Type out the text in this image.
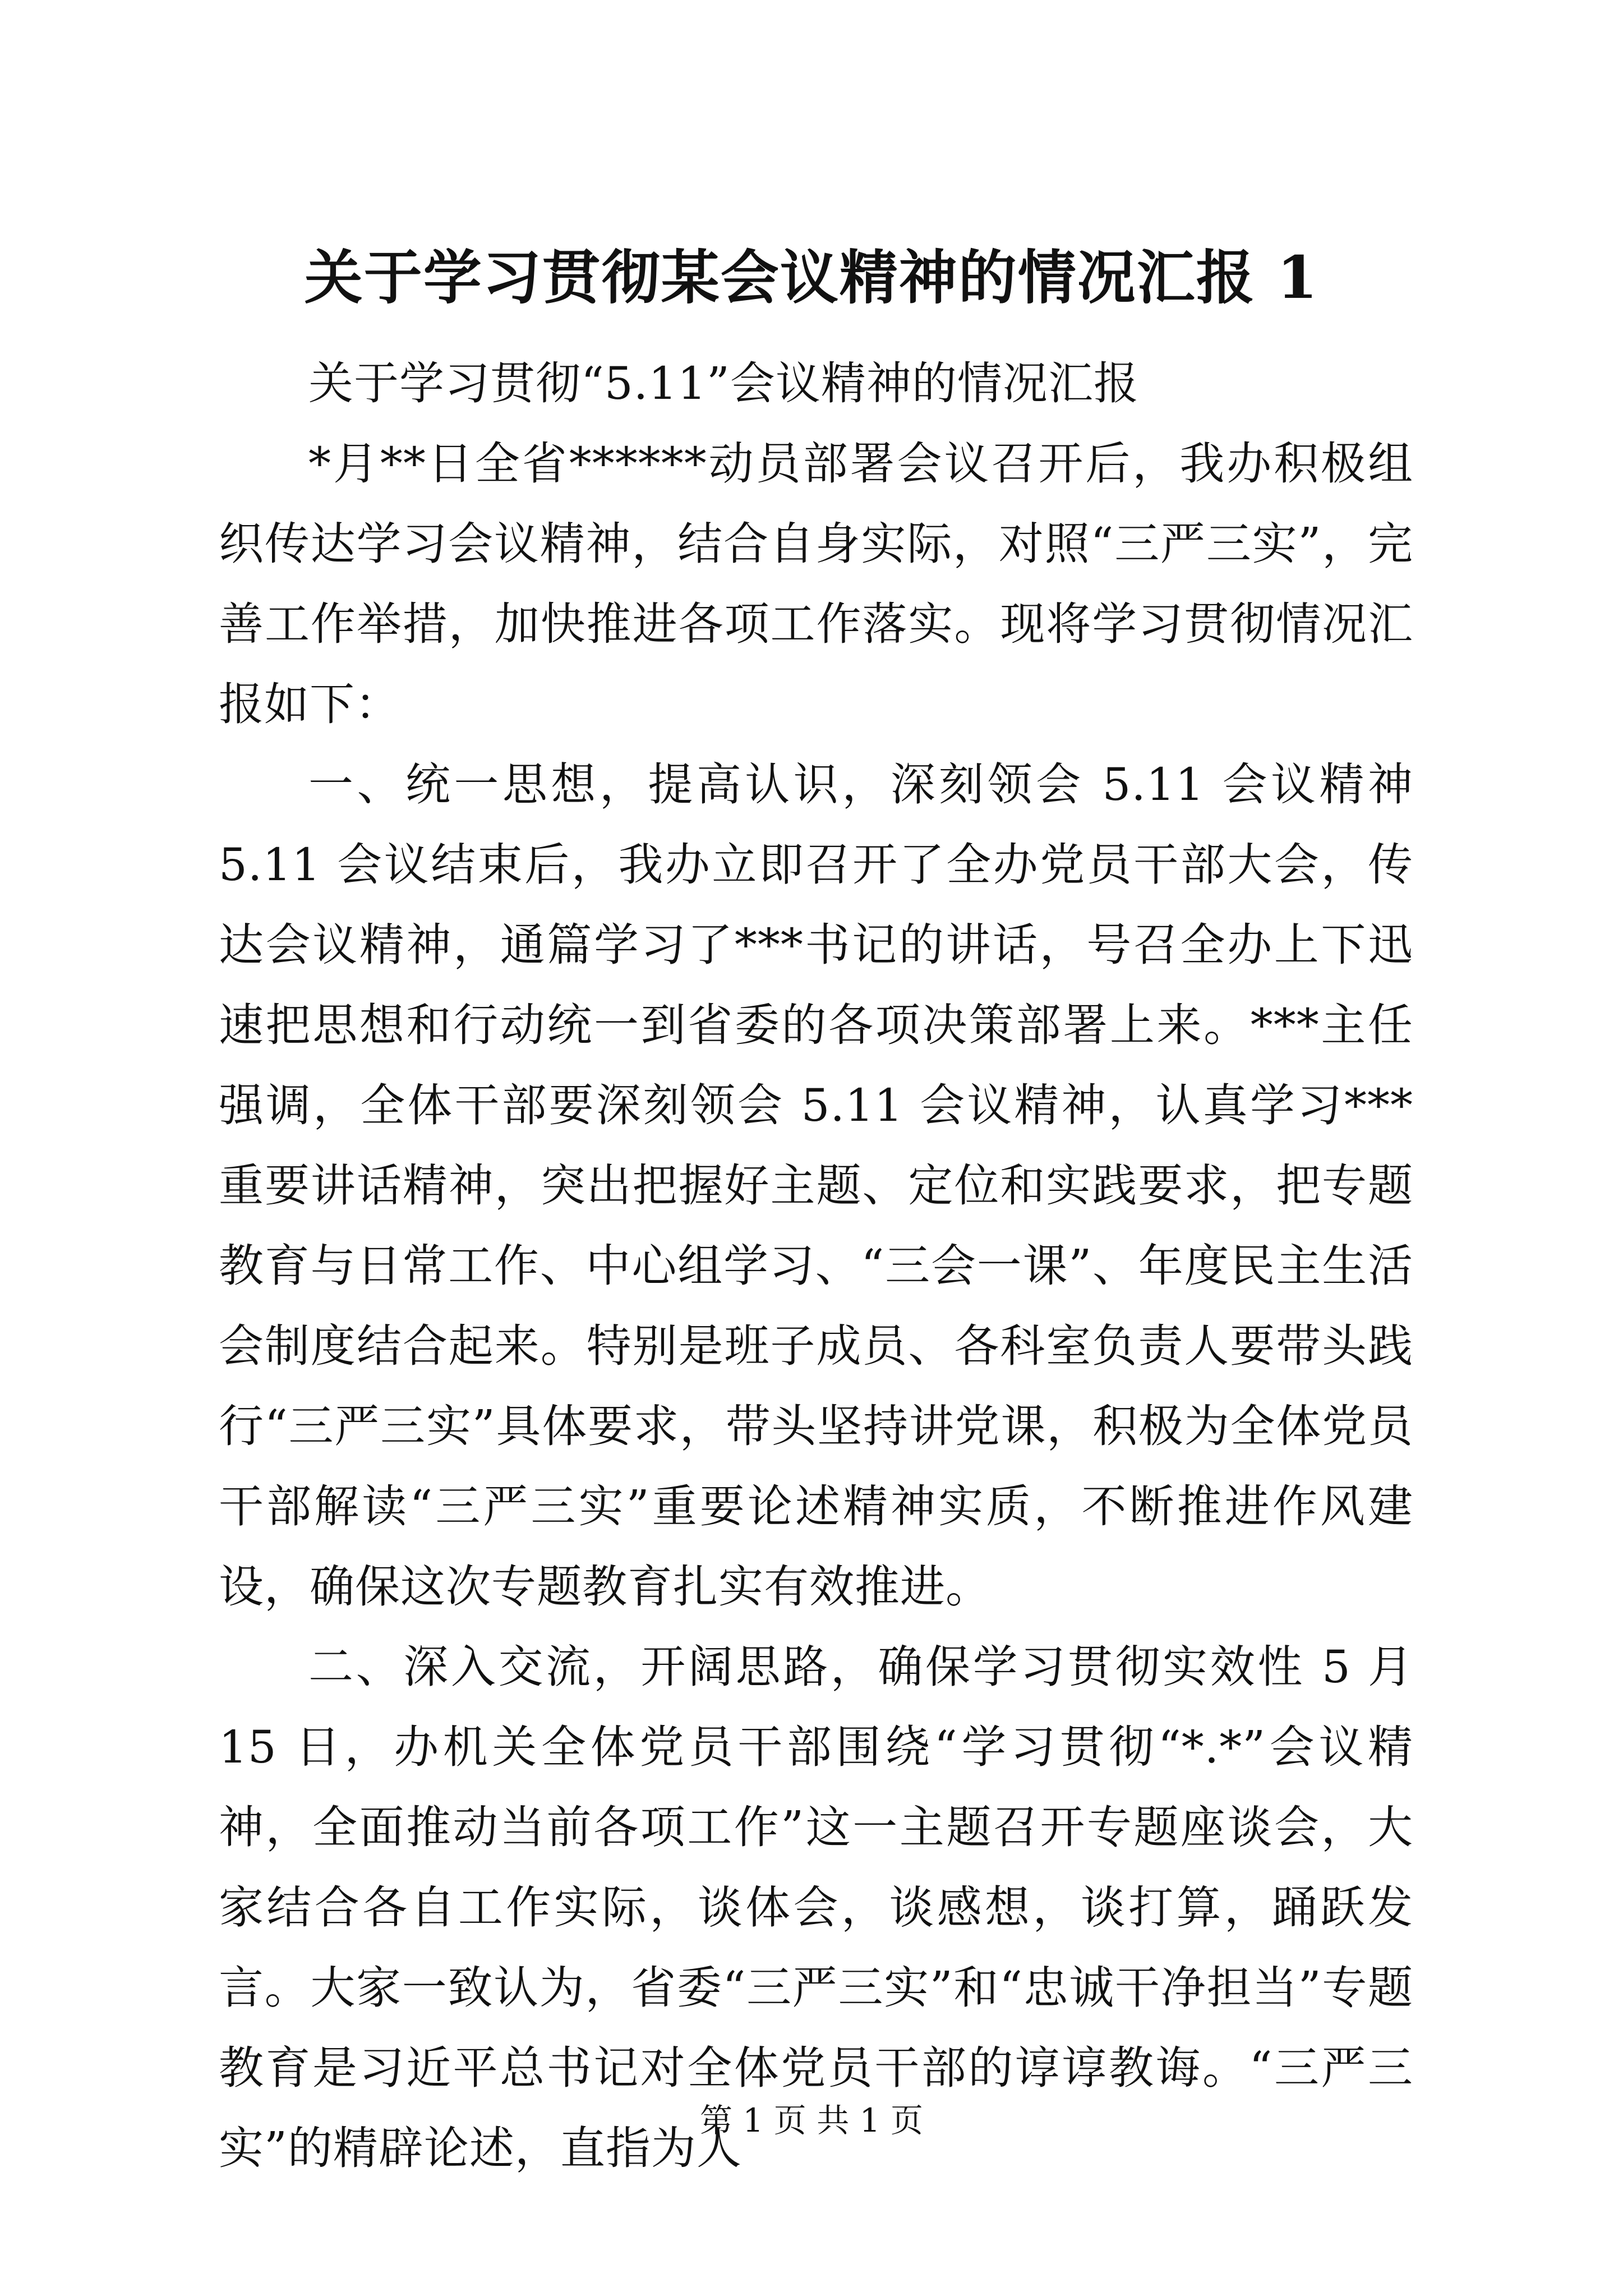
关于学习贯彻某会议精神的情况汇报 1

关于学习贯彻“5.11”会议精神的情况汇报

*月**日全省******动员部署会议召开后，我办积极组织传达学习会议精神，结合自身实际，对照“三严三实”，完善工作举措，加快推进各项工作落实。现将学习贯彻情况汇报如下：

一、统一思想，提高认识，深刻领会 5.11 会议精神 5.11 会议结束后，我办立即召开了全办党员干部大会，传达会议精神，通篇学习了***书记的讲话，号召全办上下迅速把思想和行动统一到省委的各项决策部署上来。***主任强调，全体干部要深刻领会 5.11 会议精神，认真学习***重要讲话精神，突出把握好主题、定位和实践要求，把专题教育与日常工作、中心组学习、“三会一课”、年度民主生活会制度结合起来。特别是班子成员、各科室负责人要带头践行“三严三实”具体要求，带头坚持讲党课，积极为全体党员干部解读“三严三实”重要论述精神实质，不断推进作风建设，确保这次专题教育扎实有效推进。

二、深入交流，开阔思路，确保学习贯彻实效性 5 月 15 日，办机关全体党员干部围绕“学习贯彻“*.*”会议精神，全面推动当前各项工作”这一主题召开专题座谈会，大家结合各自工作实际，谈体会，谈感想，谈打算，踊跃发言。大家一致认为，省委“三严三实”和“忠诚干净担当”专题教育是习近平总书记对全体党员干部的谆谆教诲。“三严三实”的精辟论述，直指为人

第 1 页 共 1 页
